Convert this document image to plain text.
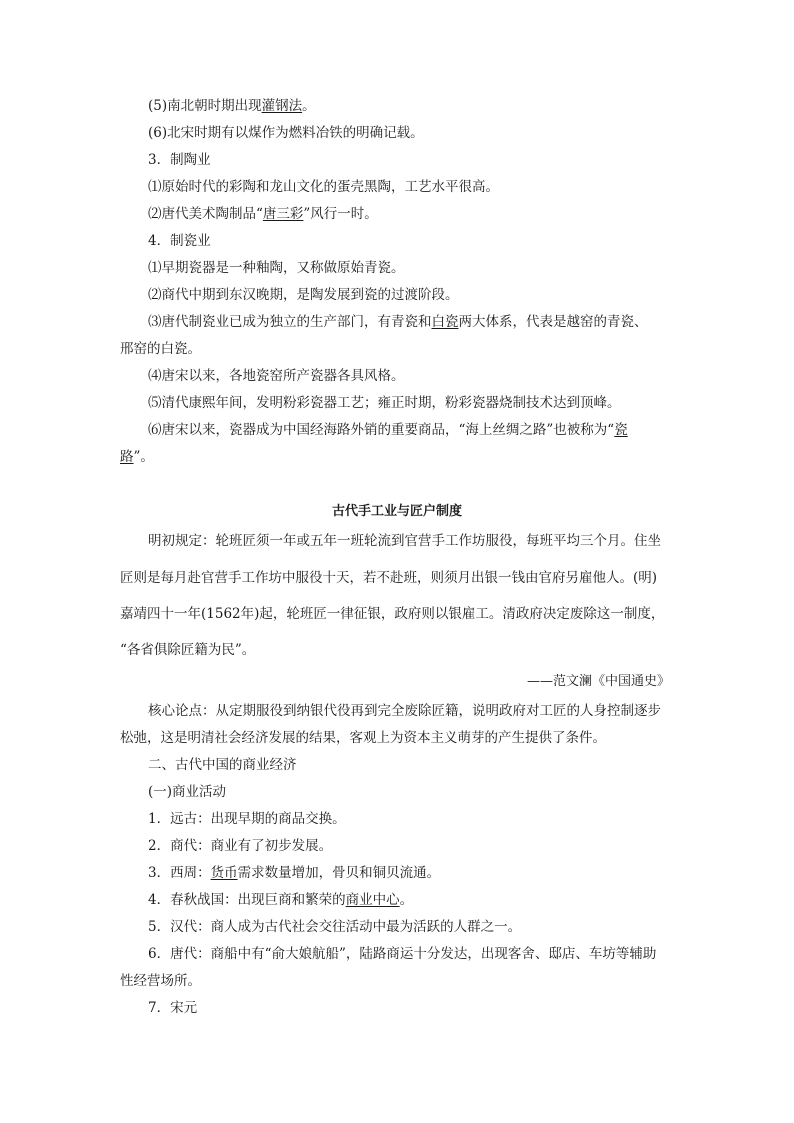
(5)南北朝时期出现灌钢法。
(6)北宋时期有以煤作为燃料冶铁的明确记载。
3．制陶业
⑴原始时代的彩陶和龙山文化的蛋壳黑陶，工艺水平很高。
⑵唐代美术陶制品“唐三彩”风行一时。
4．制瓷业
⑴早期瓷器是一种釉陶，又称做原始青瓷。
⑵商代中期到东汉晚期，是陶发展到瓷的过渡阶段。
⑶唐代制瓷业已成为独立的生产部门，有青瓷和白瓷两大体系，代表是越窑的青瓷、
邢窑的白瓷。
⑷唐宋以来，各地瓷窑所产瓷器各具风格。
⑸清代康熙年间，发明粉彩瓷器工艺；雍正时期，粉彩瓷器烧制技术达到顶峰。
⑹唐宋以来，瓷器成为中国经海路外销的重要商品，“海上丝绸之路”也被称为“瓷
路”。
古代手工业与匠户制度
明初规定：轮班匠须一年或五年一班轮流到官营手工作坊服役，每班平均三个月。住坐
匠则是每月赴官营手工作坊中服役十天，若不赴班，则须月出银一钱由官府另雇他人。(明)
嘉靖四十一年(1562年)起，轮班匠一律征银，政府则以银雇工。清政府决定废除这一制度，
“各省俱除匠籍为民”。
——范文澜《中国通史》
核心论点：从定期服役到纳银代役再到完全废除匠籍，说明政府对工匠的人身控制逐步
松弛，这是明清社会经济发展的结果，客观上为资本主义萌芽的产生提供了条件。
二、古代中国的商业经济
(一)商业活动
1．远古：出现早期的商品交换。
2．商代：商业有了初步发展。
3．西周：货币需求数量增加，骨贝和铜贝流通。
4．春秋战国：出现巨商和繁荣的商业中心。
5．汉代：商人成为古代社会交往活动中最为活跃的人群之一。
6．唐代：商船中有“俞大娘航船”，陆路商运十分发达，出现客舍、邸店、车坊等辅助
性经营场所。
7．宋元
